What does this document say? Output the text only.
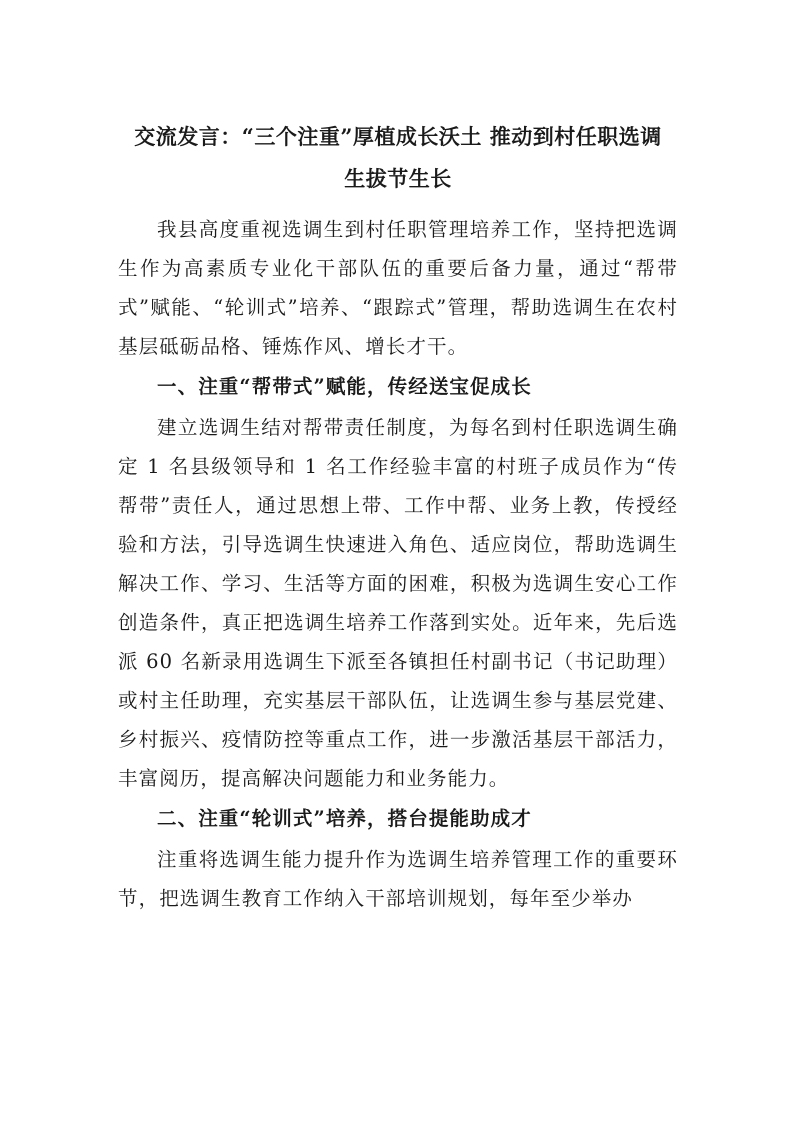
交流发言：“三个注重”厚植成长沃土 推动到村任职选调
生拔节生长

我县高度重视选调生到村任职管理培养工作，坚持把选调生作为高素质专业化干部队伍的重要后备力量，通过“帮带式”赋能、“轮训式”培养、“跟踪式”管理，帮助选调生在农村基层砥砺品格、锤炼作风、增长才干。

一、注重“帮带式”赋能，传经送宝促成长

建立选调生结对帮带责任制度，为每名到村任职选调生确定 1 名县级领导和 1 名工作经验丰富的村班子成员作为“传帮带”责任人，通过思想上带、工作中帮、业务上教，传授经验和方法，引导选调生快速进入角色、适应岗位，帮助选调生解决工作、学习、生活等方面的困难，积极为选调生安心工作创造条件，真正把选调生培养工作落到实处。近年来，先后选派 60 名新录用选调生下派至各镇担任村副书记（书记助理）或村主任助理，充实基层干部队伍，让选调生参与基层党建、乡村振兴、疫情防控等重点工作，进一步激活基层干部活力，丰富阅历，提高解决问题能力和业务能力。

二、注重“轮训式”培养，搭台提能助成才

注重将选调生能力提升作为选调生培养管理工作的重要环节，把选调生教育工作纳入干部培训规划，每年至少举办
